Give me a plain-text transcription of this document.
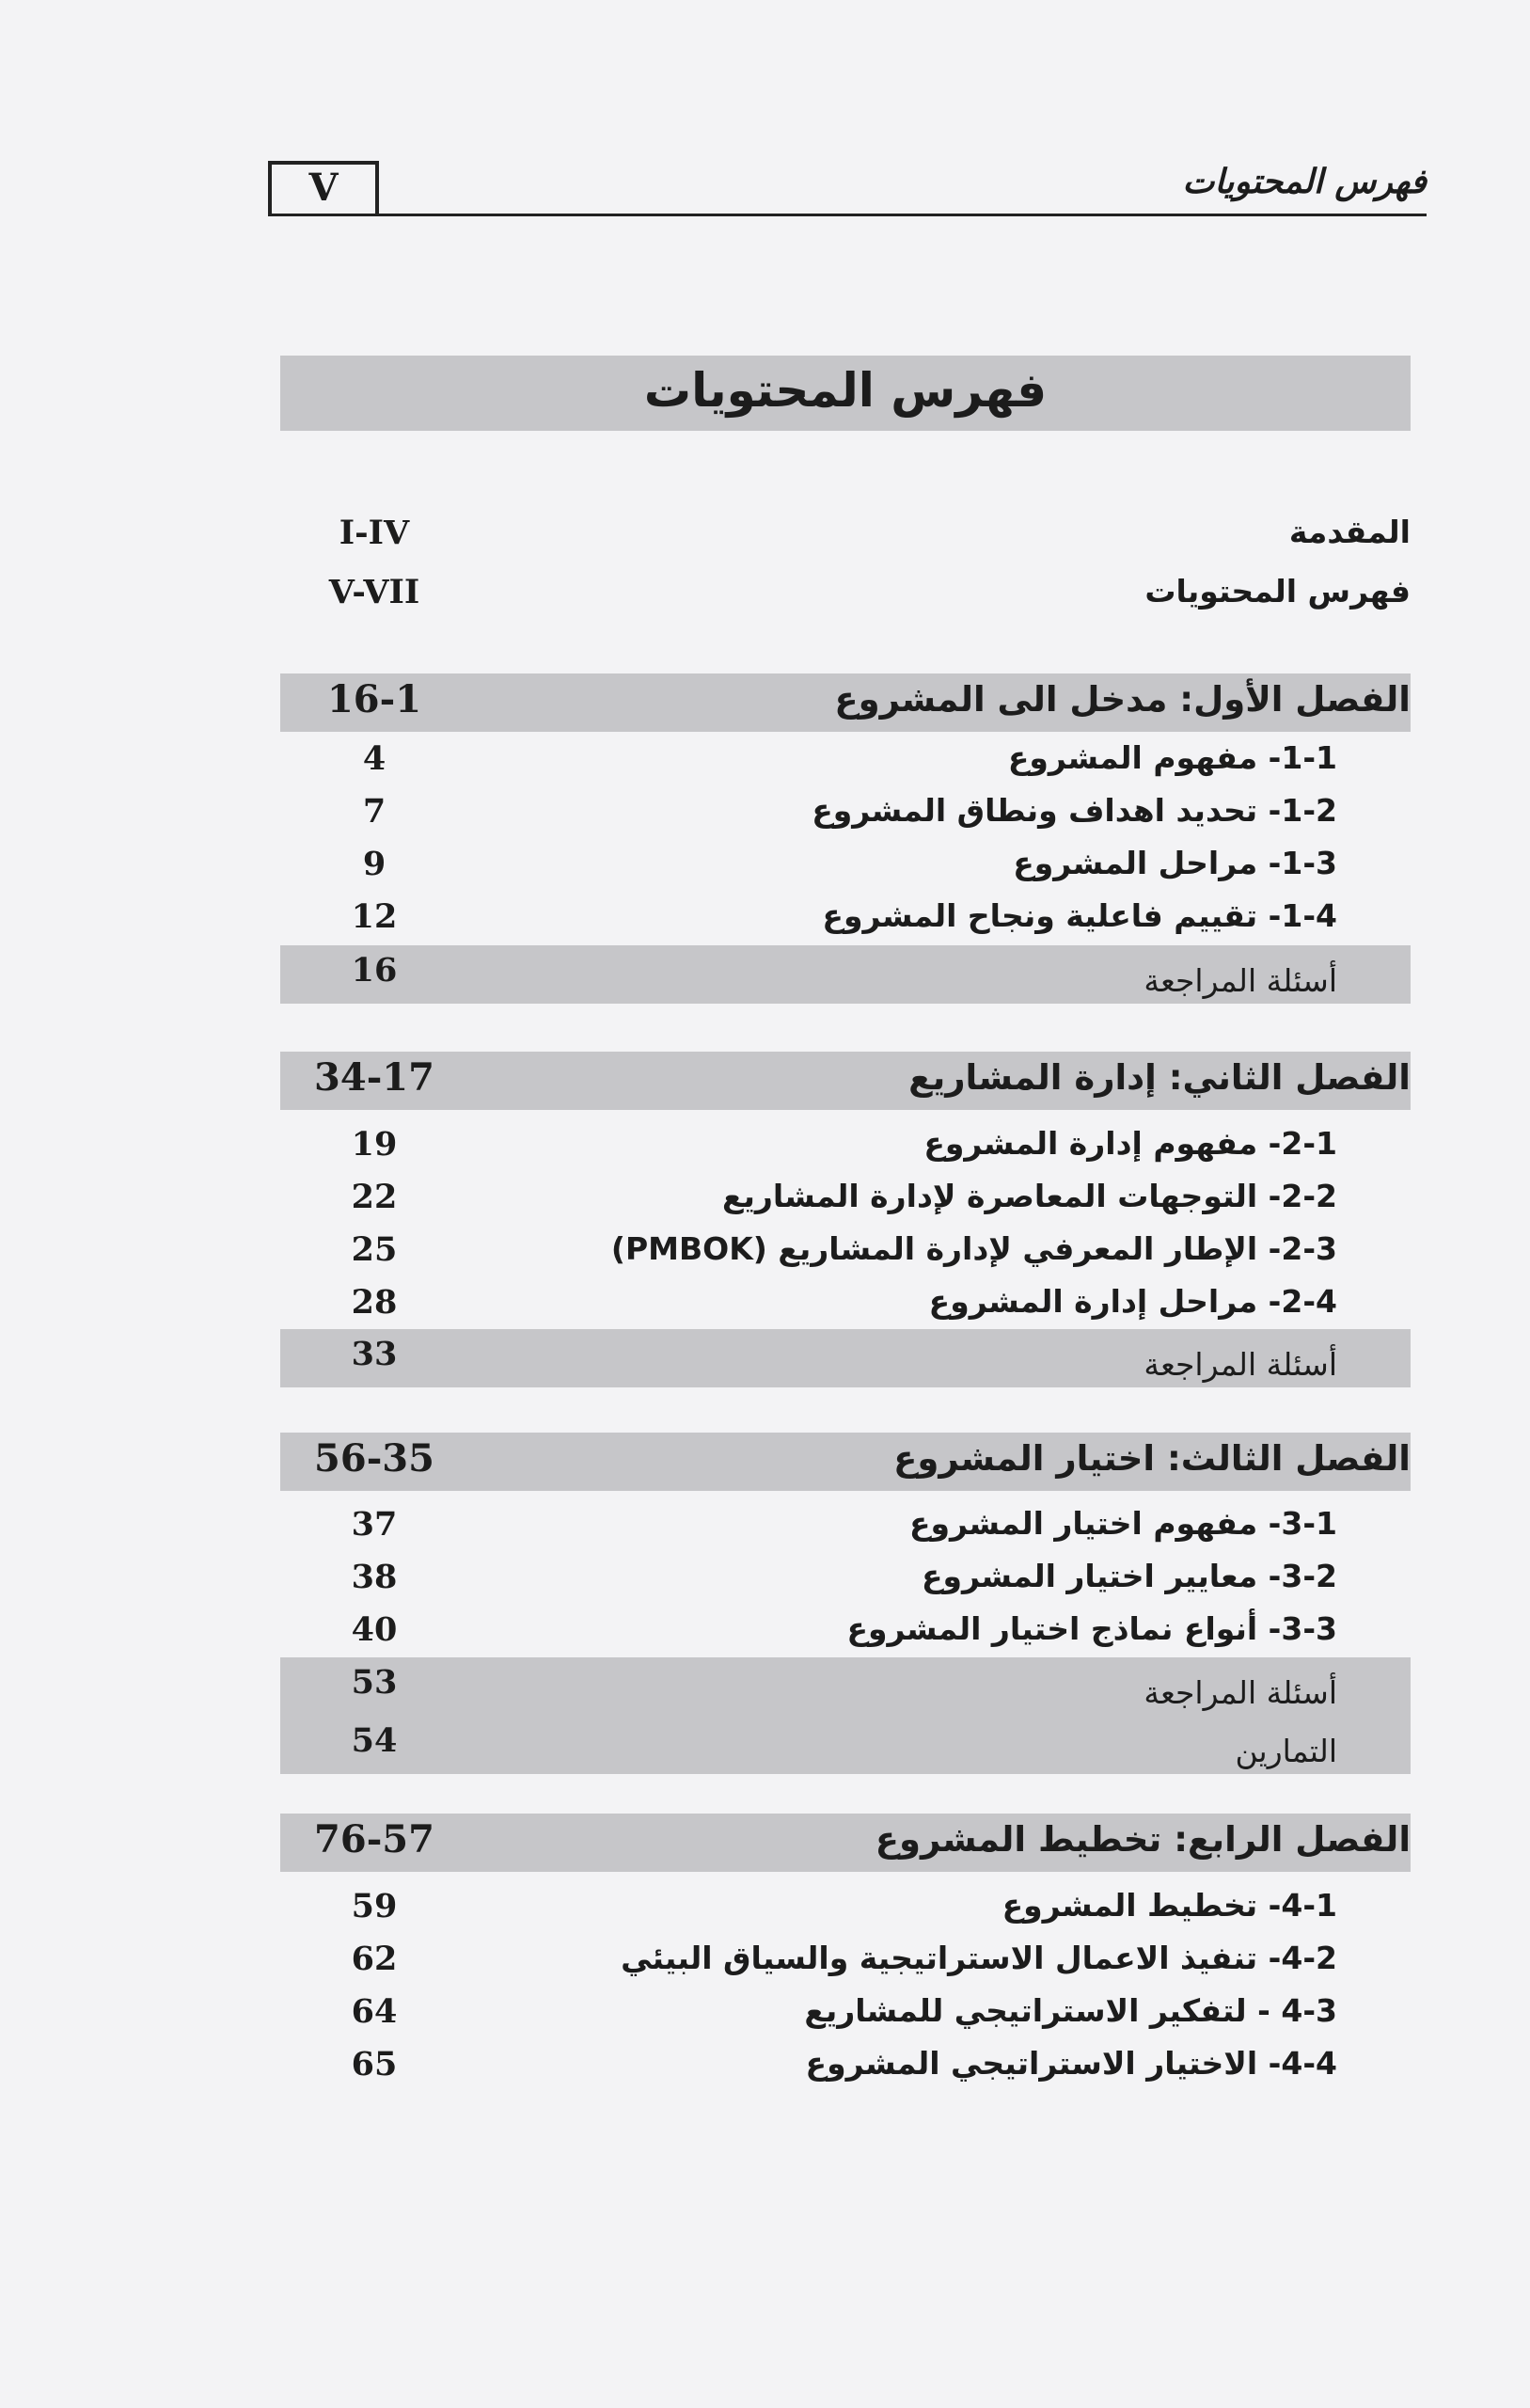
V	فهرس المحتويات
فهرس المحتويات
المقدمة
I-IV
فهرس المحتويات
V-VII
الفصل الأول: مدخل الى المشروع
16-1
1-1- مفهوم المشروع
4
1-2- تحديد اهداف ونطاق المشروع
7
1-3- مراحل المشروع
9
1-4- تقييم فاعلية ونجاح المشروع
12
أسئلة المراجعة
16
الفصل الثاني: إدارة المشاريع
34-17
2-1- مفهوم إدارة المشروع
19
2-2- التوجهات المعاصرة لإدارة المشاريع
22
2-3- الإطار المعرفي لإدارة المشاريع (PMBOK)
25
2-4- مراحل إدارة المشروع
28
أسئلة المراجعة
33
الفصل الثالث: اختيار المشروع
56-35
3-1- مفهوم اختيار المشروع
37
3-2- معايير اختيار المشروع
38
3-3- أنواع نماذج اختيار المشروع
40
أسئلة المراجعة
53
التمارين
54
الفصل الرابع: تخطيط المشروع
76-57
4-1- تخطيط المشروع
59
4-2- تنفيذ الاعمال الاستراتيجية والسياق البيئي
62
4-3 - لتفكير الاستراتيجي للمشاريع
64
4-4- الاختيار الاستراتيجي المشروع
65
